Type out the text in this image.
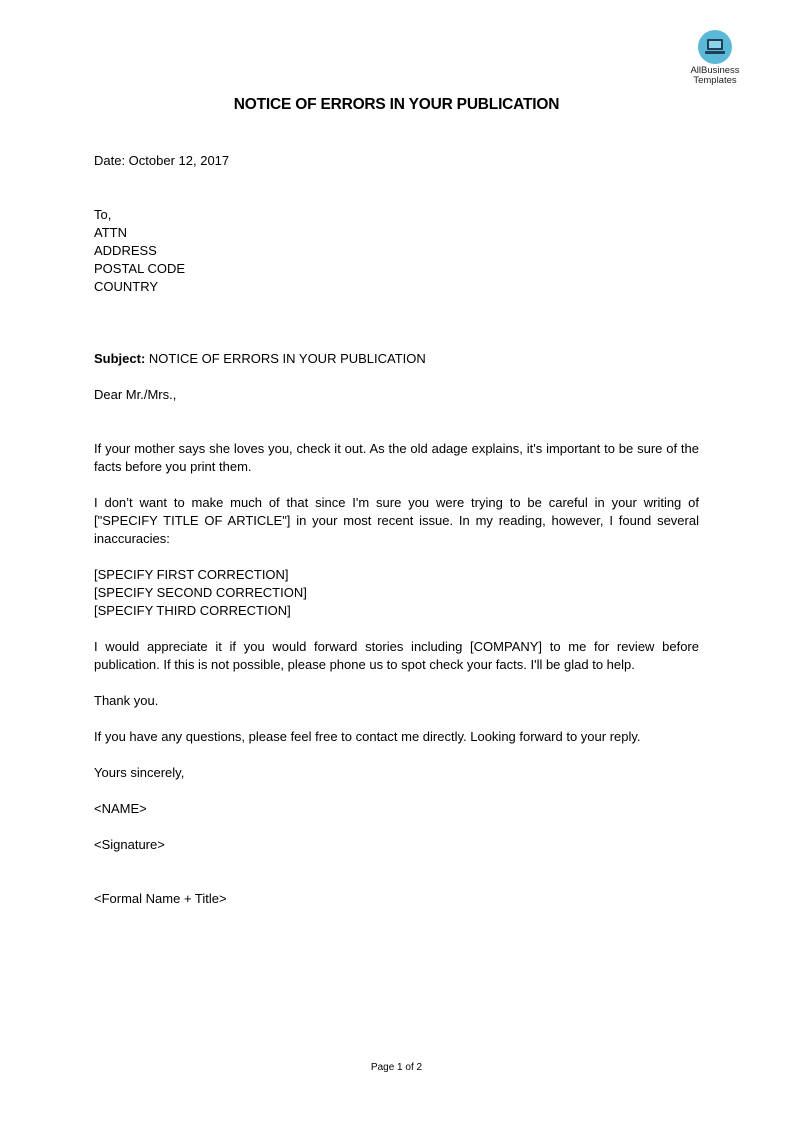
AllBusiness
Templates
NOTICE OF ERRORS IN YOUR PUBLICATION
Date: October 12, 2017
To,
ATTN
ADDRESS
POSTAL CODE
COUNTRY
Subject: NOTICE OF ERRORS IN YOUR PUBLICATION
Dear Mr./Mrs.,
If your mother says she loves you, check it out. As the old adage explains, it's important to be sure of the facts before you print them.
I don’t want to make much of that since I'm sure you were trying to be careful in your writing of ["SPECIFY TITLE OF ARTICLE"] in your most recent issue. In my reading, however, I found several inaccuracies:
[SPECIFY FIRST CORRECTION]
[SPECIFY SECOND CORRECTION]
[SPECIFY THIRD CORRECTION]
I would appreciate it if you would forward stories including [COMPANY] to me for review before publication. If this is not possible, please phone us to spot check your facts. I'll be glad to help.
Thank you.
If you have any questions, please feel free to contact me directly. Looking forward to your reply.
Yours sincerely,
<NAME>
<Signature>
<Formal Name + Title>
Page 1 of 2
